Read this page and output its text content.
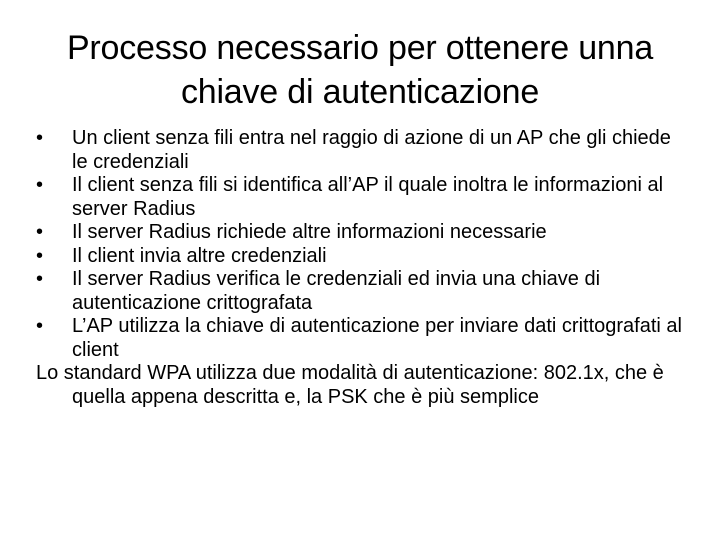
Processo necessario per ottenere unna chiave di autenticazione
•	Un client senza fili entra nel raggio di azione di un AP che gli chiede le credenziali
•	Il client senza fili si identifica all’AP il quale inoltra le informazioni al server Radius
•	Il server Radius richiede altre informazioni necessarie
•	Il client invia altre credenziali
•	Il server Radius verifica le credenziali ed invia una chiave di autenticazione crittografata
•	L’AP utilizza la chiave di autenticazione per inviare dati crittografati al client

Lo standard WPA utilizza due modalità di autenticazione: 802.1x, che è quella appena descritta e, la PSK che è più semplice
